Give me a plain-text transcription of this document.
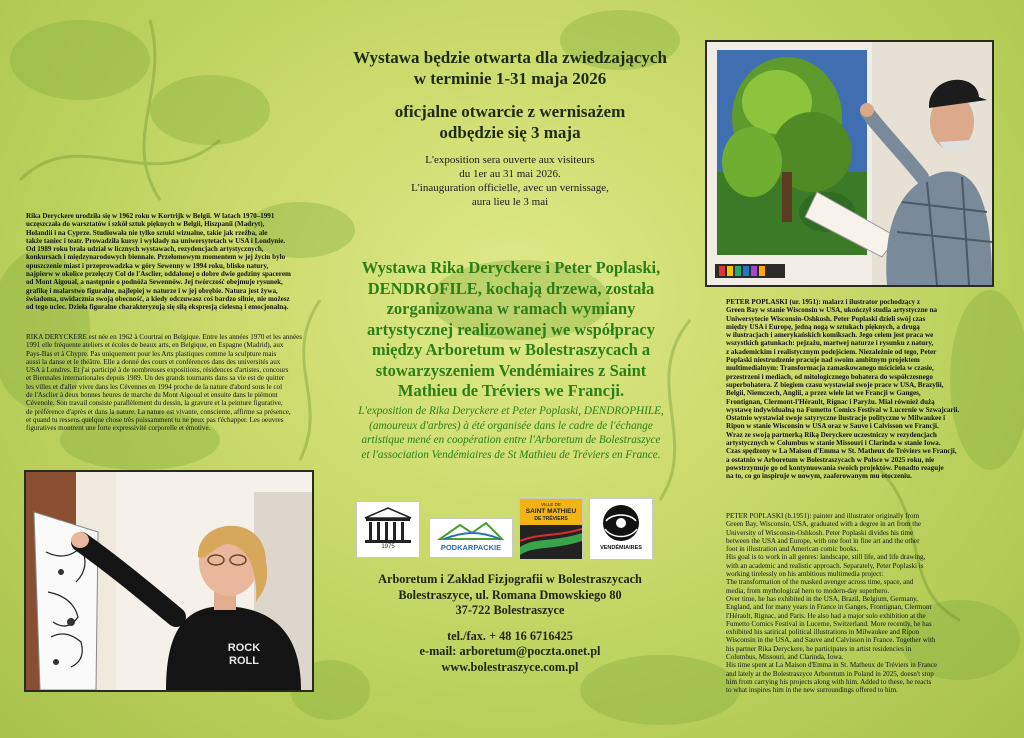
Wystawa będzie otwarta dla zwiedzających
w terminie 1-31 maja 2026
oficjalne otwarcie z wernisażem
odbędzie się 3 maja
L'exposition sera ouverte aux visiteurs
du 1er au 31 mai 2026.
L'inauguration officielle, avec un vernissage,
aura lieu le 3 mai
Wystawa Rika Deryckere i Peter Poplaski,
DENDROFILE, kochają drzewa, została
zorganizowana w ramach wymiany
artystycznej realizowanej we współpracy
między Arboretum w Bolestraszycach a
stowarzyszeniem Vendémiaires z Saint
Mathieu de Tréviers we Francji.
L'exposition de Rika Deryckere et Peter Poplaski, DENDROPHILE,
(amoureux d'arbres) à été organisée dans le cadre de l'échange
artistique mené en coopération entre l'Arboretum de Bolestraszyce
et l'association Vendémiaires de St Mathieu de Tréviers en France.
Rika Deryckere urodziła się w 1962 roku w Kortrijk w Belgii. W latach 1970–1991
uczęszczała do warsztatów i szkół sztuk pięknych w Belgii, Hiszpanii (Madryt),
Holandii i na Cyprze. Studiowała nie tylko sztuki wizualne, takie jak rzeźba, ale
także taniec i teatr. Prowadziła kursy i wykłady na uniwersytetach w USA i Londynie.
Od 1989 roku brała udział w licznych wystawach, rezydencjach artystycznych,
konkursach i międzynarodowych biennale. Przełomowym momentem w jej życiu było
opuszczenie miast i przeprowadzka w góry Sewenny w 1994 roku, blisko natury,
najpierw w okolice przełęczy Col de l'Asclier, oddalonej o dobre dwie godziny spacerem
od Mont Aigoual, a następnie o podnóża Sewennów. Jej twórczość obejmuje rysunek,
grafikę i malarstwo figuralne, najlepiej w naturze i w jej obrębie. Natura jest żywa,
świadoma, uwidacznia swoją obecność, a kiedy odczuwasz coś bardzo silnie, nie możesz
od tego uciec. Dzieła figuralne charakteryzują się siłą ekspresją cielesną i emocjonalną.
RIKA DERYCKERE est née en 1962 à Courtrai en Belgique. Entre les années 1970 et les années
1991 elle fréquente ateliers et écoles de beaux arts, en Belgique, en Espagne (Madrid), aux
Pays-Bas et à Chypre. Pas uniquement pour les Arts plastiques comme la sculpture mais
aussi la danse et le théâtre. Elle a donné des cours et conférences dans des universités aux
USA à Londres. Et j'ai participé à de nombreuses expositions, résidences d'artistes, concours
et Biennales internationales depuis 1989. Un des grands tournants dans sa vie est de quitter
les villes et d'aller vivre dans les Cévennes en 1994 proche de la nature d'abord sous le col
de l'Asclier à deux bonnes heures de marche du Mont Aigoual et ensuite dans le piémont
Cévenole. Son travail consiste parallèlement du dessin, la gravure et la peinture figurative,
de préférence d'après et dans la nature. La nature est vivante, consciente, affirme sa présence,
et quand tu ressens quelque chose très puissamment tu ne peux pas t'échapper. Les oeuvres
figuratives montrent une forte expressivité corporelle et émotive.
ROCK
ROLL
PETER POPLASKI (ur. 1951): malarz i ilustrator pochodzący z
Green Bay w stanie Wisconsin w USA, ukończył studia artystyczne na
Uniwersytecie Wisconsin-Oshkosh. Peter Poplaski dzieli swój czas
między USA i Europę, jedną nogą w sztukach pięknych, a drugą
w ilustracjach i amerykańskich komiksach. Jego celem jest praca we
wszystkich gatunkach: pejzażu, martwej naturze i rysunku z natury,
z akademickim i realistycznym podejściem. Niezależnie od tego, Peter
Poplaski niestrudzenie pracuje nad swoim ambitnym projektem
multimedialnym: Transformacja zamaskowanego mściciela w czasie,
przestrzeni i mediach, od mitologicznego bohatera do współczesnego
superbohatera. Z biegiem czasu wystawiał swoje prace w USA, Brazylii,
Belgii, Niemczech, Anglii, a przez wiele lat we Francji w Ganges,
Frontignan, Clermont-l'Hérault, Rignac i Paryżu. Miał również dużą
wystawę indywidualną na Fumetto Comics Festival w Lucernie w Szwajcarii.
Ostatnio wystawiał swoje satyryczne ilustracje polityczne w Milwaukee i
Ripon w stanie Wisconsin w USA oraz w Sauve i Calvisson we Francji.
Wraz ze swoją partnerką Riką Deryckere uczestniczy w rezydencjach
artystycznych w Columbus w stanie Missouri i Clarinda w stanie Iowa.
Czas spędzony w La Maison d'Emma w St. Matheux de Tréviers we Francji,
a ostatnio w Arboretum w Bolestraszycach w Polsce w 2025 roku, nie
powstrzymuje go od kontynuowania swoich projektów. Ponadto reaguje
na to, co go inspiruje w nowym, zaaferowanym mu otoczeniu.
PETER POPLASKI (b.1951): painter and illustrator originally from
Green Bay, Wisconsin, USA, graduated with a degree in art from the
University of Wisconsin-Oshkosh. Peter Poplaski divides his time
between the USA and Europe, with one foot in fine art and the other
foot in illustration and American comic books.
His goal is to work in all genres: landscape, still life, and life drawing,
with an academic and realistic approach. Separately, Peter Poplaski is
working tirelessly on his ambitious multimedia project:
The transformation of the masked avenger across time, space, and
media, from mythological hero to modern-day superhero.
Over time, he has exhibited in the USA, Brazil, Belgium, Germany,
England, and for many years in France in Ganges, Frontignan, Clermont
l'Hérault, Rignac, and Paris. He also had a major solo exhibition at the
Fumetto Comics Festival in Lucerne, Switzerland. More recently, he has
exhibited his satirical political illustrations in Milwaukee and Ripon
Wisconsin in the USA, and Sauve and Calvisson in France. Together with
his partner Rika Deryckere, he participates in artist residencies in
Columbus, Missouri, and Clarinda, Iowa.
His time spent at La Maison d'Emma in St. Matheux de Tréviers in France
and lately at the Bolestraszyce Arboretum in Poland in 2025, doesn't stop
him from carrying his projects along with him. Added to these, he reacts
to what inspires him in the new surroundings offered to him.
1975	PODKARPACKIE
VILLE DE
SAINT MATHIEU
DE TRÉVIERS
VENDÉMIAIRES
Arboretum i Zakład Fizjografii w Bolestraszycach
Bolestraszyce, ul. Romana Dmowskiego 80
37-722 Bolestraszyce
tel./fax. + 48 16 6716425
e-mail: arboretum@poczta.onet.pl
www.bolestraszyce.com.pl
